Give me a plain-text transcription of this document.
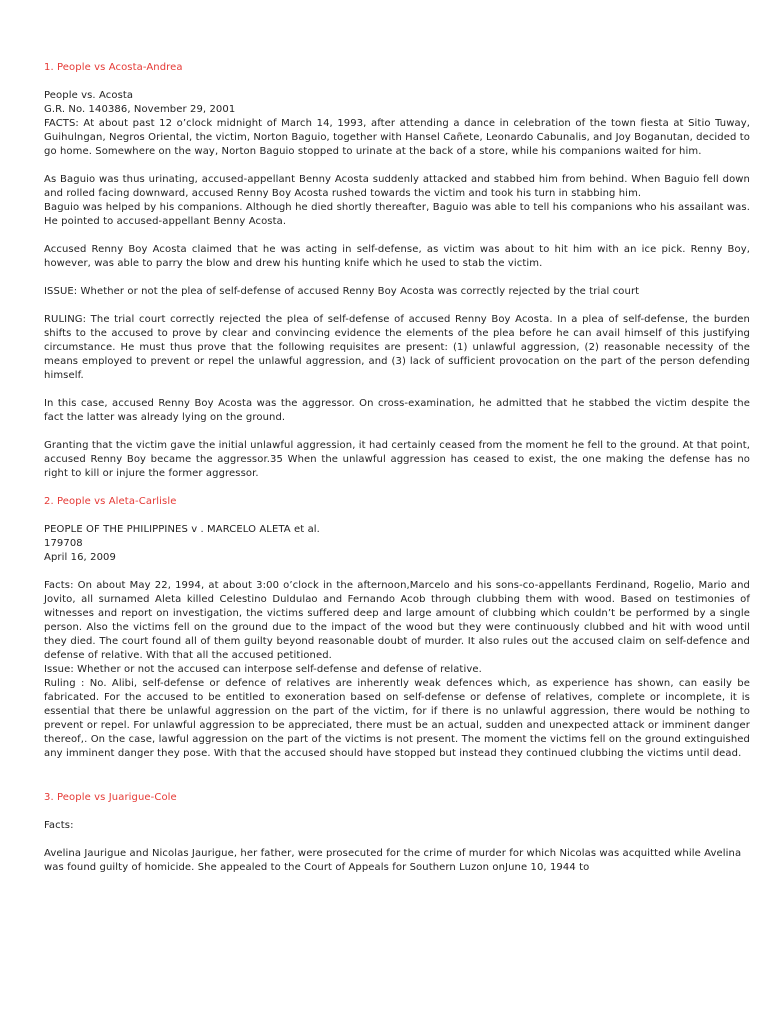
1. People vs Acosta-Andrea

People vs. Acosta

G.R. No. 140386, November 29, 2001

FACTS: At about past 12 o’clock midnight of March 14, 1993, after attending a dance in celebration of the town fiesta at Sitio Tuway, Guihulngan, Negros Oriental, the victim, Norton Baguio, together with Hansel Cañete, Leonardo Cabunalis, and Joy Boganutan, decided to go home. Somewhere on the way, Norton Baguio stopped to urinate at the back of a store, while his companions waited for him.

As Baguio was thus urinating, accused-appellant Benny Acosta suddenly attacked and stabbed him from behind. When Baguio fell down and rolled facing downward, accused Renny Boy Acosta rushed towards the victim and took his turn in stabbing him.

Baguio was helped by his companions. Although he died shortly thereafter, Baguio was able to tell his companions who his assailant was. He pointed to accused-appellant Benny Acosta.

Accused Renny Boy Acosta claimed that he was acting in self-defense, as victim was about to hit him with an ice pick. Renny Boy, however, was able to parry the blow and drew his hunting knife which he used to stab the victim.

ISSUE: Whether or not the plea of self-defense of accused Renny Boy Acosta was correctly rejected by the trial court

RULING: The trial court correctly rejected the plea of self-defense of accused Renny Boy Acosta. In a plea of self-defense, the burden shifts to the accused to prove by clear and convincing evidence the elements of the plea before he can avail himself of this justifying circumstance. He must thus prove that the following requisites are present: (1) unlawful aggression, (2) reasonable necessity of the means employed to prevent or repel the unlawful aggression, and (3) lack of sufficient provocation on the part of the person defending himself.

In this case, accused Renny Boy Acosta was the aggressor. On cross-examination, he admitted that he stabbed the victim despite the fact the latter was already lying on the ground.

Granting that the victim gave the initial unlawful aggression, it had certainly ceased from the moment he fell to the ground. At that point, accused Renny Boy became the aggressor.35 When the unlawful aggression has ceased to exist, the one making the defense has no right to kill or injure the former aggressor.

2. People vs Aleta-Carlisle

PEOPLE OF THE PHILIPPINES v . MARCELO ALETA et al.

179708

April 16, 2009

Facts: On about May 22, 1994, at about 3:00 o’clock in the afternoon,Marcelo and his sons-co-appellants Ferdinand, Rogelio, Mario and Jovito, all surnamed Aleta killed Celestino Duldulao and Fernando Acob through clubbing them with wood. Based on testimonies of witnesses and report on investigation, the victims suffered deep and large amount of clubbing which couldn’t be performed by a single person. Also the victims fell on the ground due to the impact of the wood but they were continuously clubbed and hit with wood until they died. The court found all of them guilty beyond reasonable doubt of murder. It also rules out the accused claim on self-defence and defense of relative. With that all the accused petitioned.

Issue: Whether or not the accused can interpose self-defense and defense of relative.

Ruling : No. Alibi, self-defense or defence of relatives are inherently weak defences which, as experience has shown, can easily be fabricated. For the accused to be entitled to exoneration based on self-defense or defense of relatives, complete or incomplete, it is essential that there be unlawful aggression on the part of the victim, for if there is no unlawful aggression, there would be nothing to prevent or repel. For unlawful aggression to be appreciated, there must be an actual, sudden and unexpected attack or imminent danger thereof,. On the case, lawful aggression on the part of the victims is not present. The moment the victims fell on the ground extinguished any imminent danger they pose. With that the accused should have stopped but instead they continued clubbing the victims until dead.

3. People vs Juarigue-Cole

Facts:

Avelina Jaurigue and Nicolas Jaurigue, her father, were prosecuted for the crime of murder for which Nicolas was acquitted while Avelina was found guilty of homicide. She appealed to the Court of Appeals for Southern Luzon onJune 10, 1944 to
